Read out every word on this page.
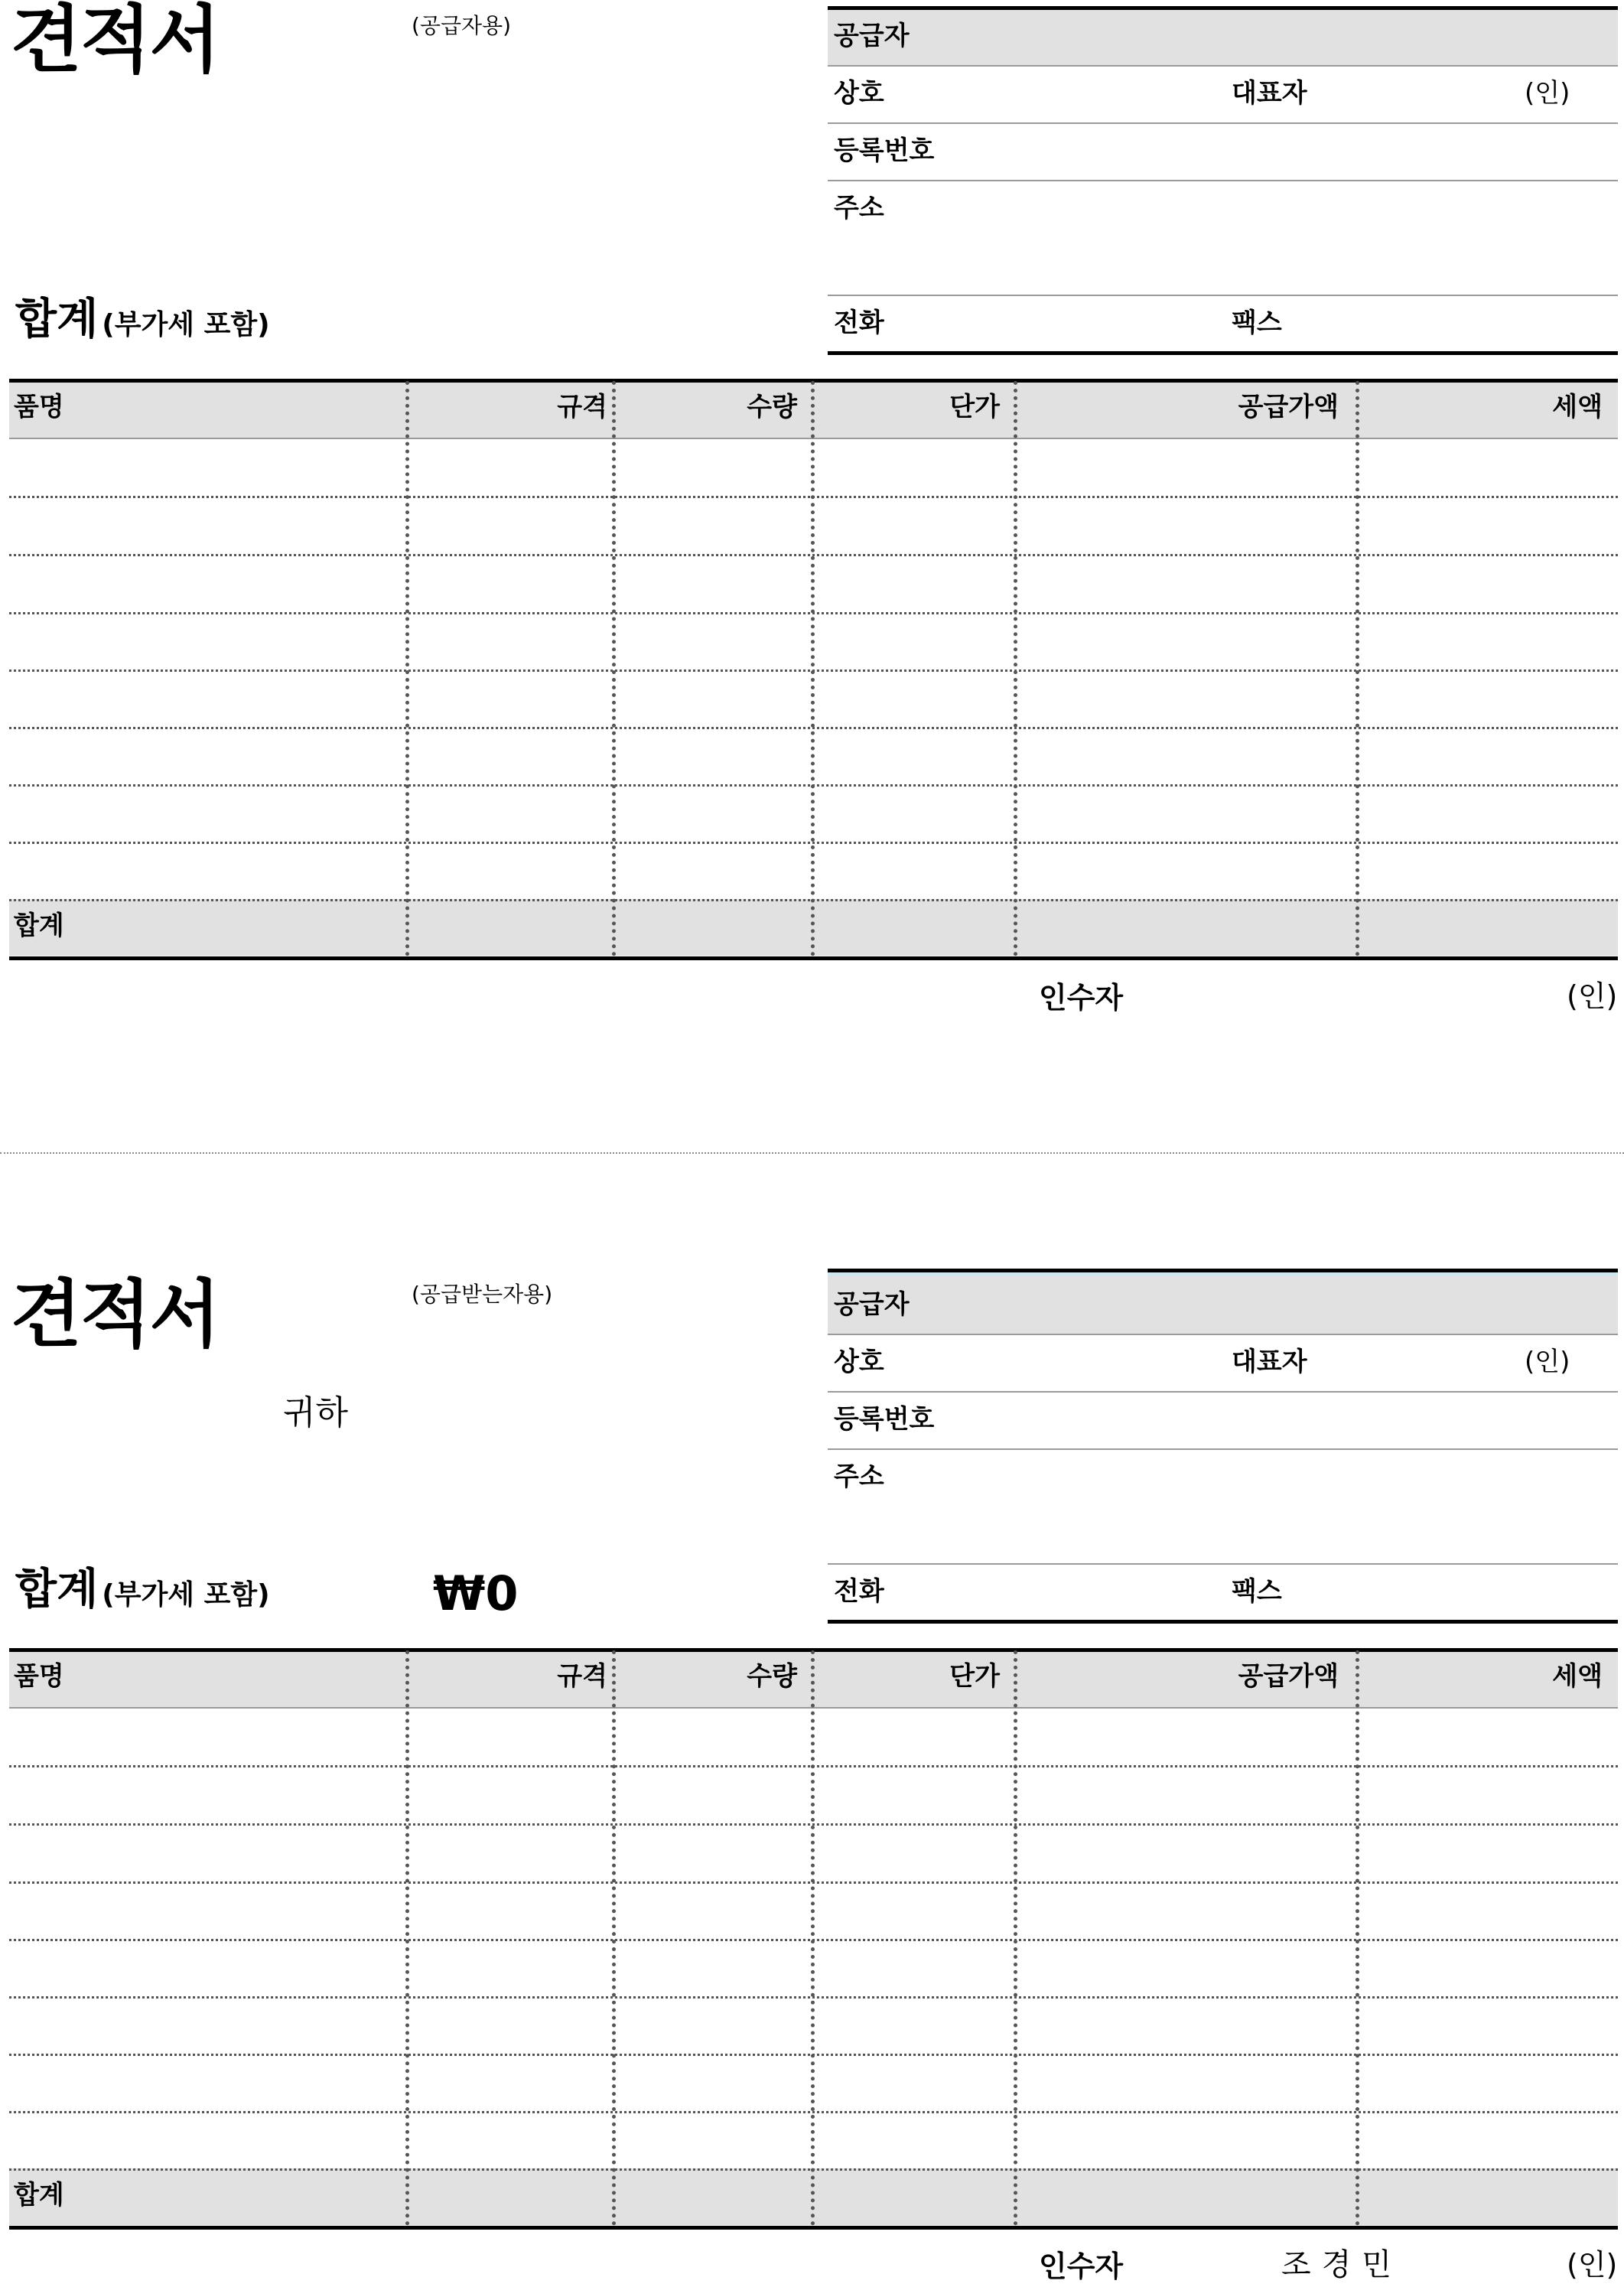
견적서	(공급자용)
합계 (부가세 포함)
공급자
상호	대표자	(인)
등록번호
주소
전화	팩스
품명	규격	수량	단가	공급가액	세액
합계
인수자	(인)
견적서	(공급받는자용)
귀하
합계 (부가세 포함)	₩0
공급자
상호	대표자	(인)
등록번호
주소
전화	팩스
품명	규격	수량	단가	공급가액	세액
합계
인수자	조경민	(인)
